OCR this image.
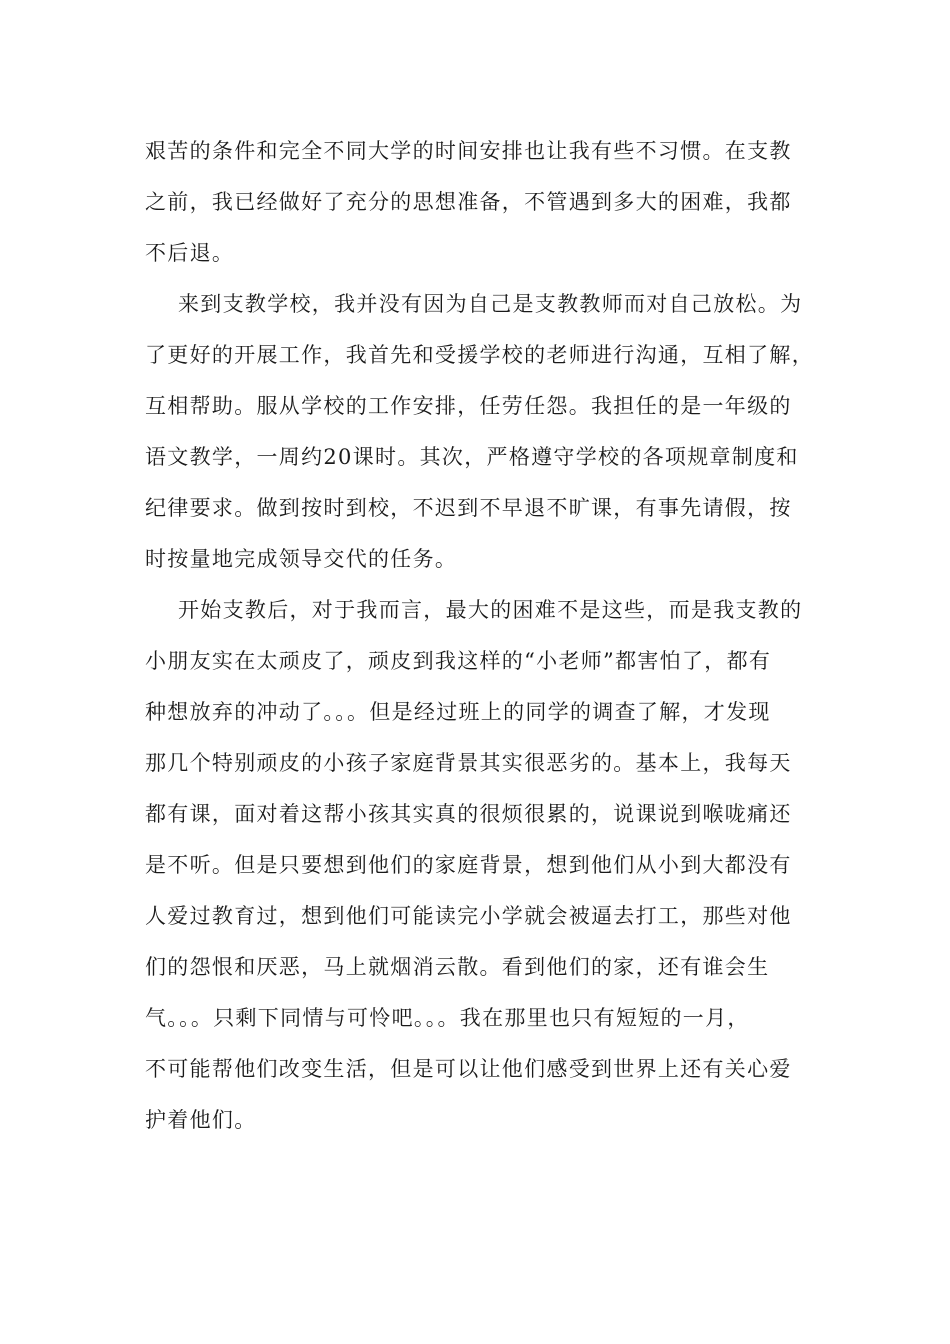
艰苦的条件和完全不同大学的时间安排也让我有些不习惯。在支教
之前，我已经做好了充分的思想准备，不管遇到多大的困难，我都
不后退。
来到支教学校，我并没有因为自己是支教教师而对自己放松。为
了更好的开展工作，我首先和受援学校的老师进行沟通，互相了解，
互相帮助。服从学校的工作安排，任劳任怨。我担任的是一年级的
语文教学，一周约20课时。其次，严格遵守学校的各项规章制度和
纪律要求。做到按时到校，不迟到不早退不旷课，有事先请假，按
时按量地完成领导交代的任务。
开始支教后，对于我而言，最大的困难不是这些，而是我支教的
小朋友实在太顽皮了，顽皮到我这样的“小老师”都害怕了，都有
种想放弃的冲动了。。。但是经过班上的同学的调查了解，才发现
那几个特别顽皮的小孩子家庭背景其实很恶劣的。基本上，我每天
都有课，面对着这帮小孩其实真的很烦很累的，说课说到喉咙痛还
是不听。但是只要想到他们的家庭背景，想到他们从小到大都没有
人爱过教育过，想到他们可能读完小学就会被逼去打工，那些对他
们的怨恨和厌恶，马上就烟消云散。看到他们的家，还有谁会生
气。。。只剩下同情与可怜吧。。。我在那里也只有短短的一月，
不可能帮他们改变生活，但是可以让他们感受到世界上还有关心爱
护着他们。
